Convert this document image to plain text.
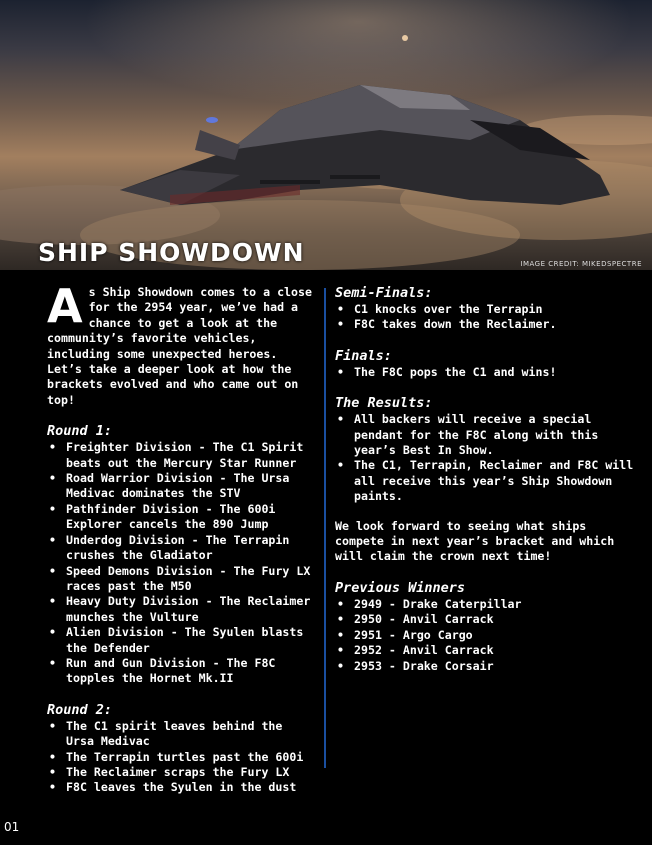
SHIP SHOWDOWN	IMAGE CREDIT: MIKEDSPECTRE
A s Ship Showdown comes to a close for the 2954 year, we’ve had a chance to get a look at the community’s favorite vehicles, including some unexpected heroes. Let’s take a deeper look at how the brackets evolved and who came out on top!
Round 1:
• Freighter Division - The C1 Spirit beats out the Mercury Star Runner
• Road Warrior Division - The Ursa Medivac dominates the STV
• Pathfinder Division - The 600i Explorer cancels the 890 Jump
• Underdog Division - The Terrapin crushes the Gladiator
• Speed Demons Division - The Fury LX races past the M50
• Heavy Duty Division - The Reclaimer munches the Vulture
• Alien Division - The Syulen blasts the Defender
• Run and Gun Division - The F8C topples the Hornet Mk.II
Round 2:
• The C1 spirit leaves behind the Ursa Medivac
• The Terrapin turtles past the 600i
• The Reclaimer scraps the Fury LX
• F8C leaves the Syulen in the dust
Semi-Finals:
• C1 knocks over the Terrapin
• F8C takes down the Reclaimer.
Finals:
• The F8C pops the C1 and wins!
The Results:
• All backers will receive a special pendant for the F8C along with this year’s Best In Show.
• The C1, Terrapin, Reclaimer and F8C will all receive this year’s Ship Showdown paints.

We look forward to seeing what ships compete in next year’s bracket and which will claim the crown next time!

Previous Winners
• 2949 - Drake Caterpillar
• 2950 - Anvil Carrack
• 2951 - Argo Cargo
• 2952 - Anvil Carrack
• 2953 - Drake Corsair
01
